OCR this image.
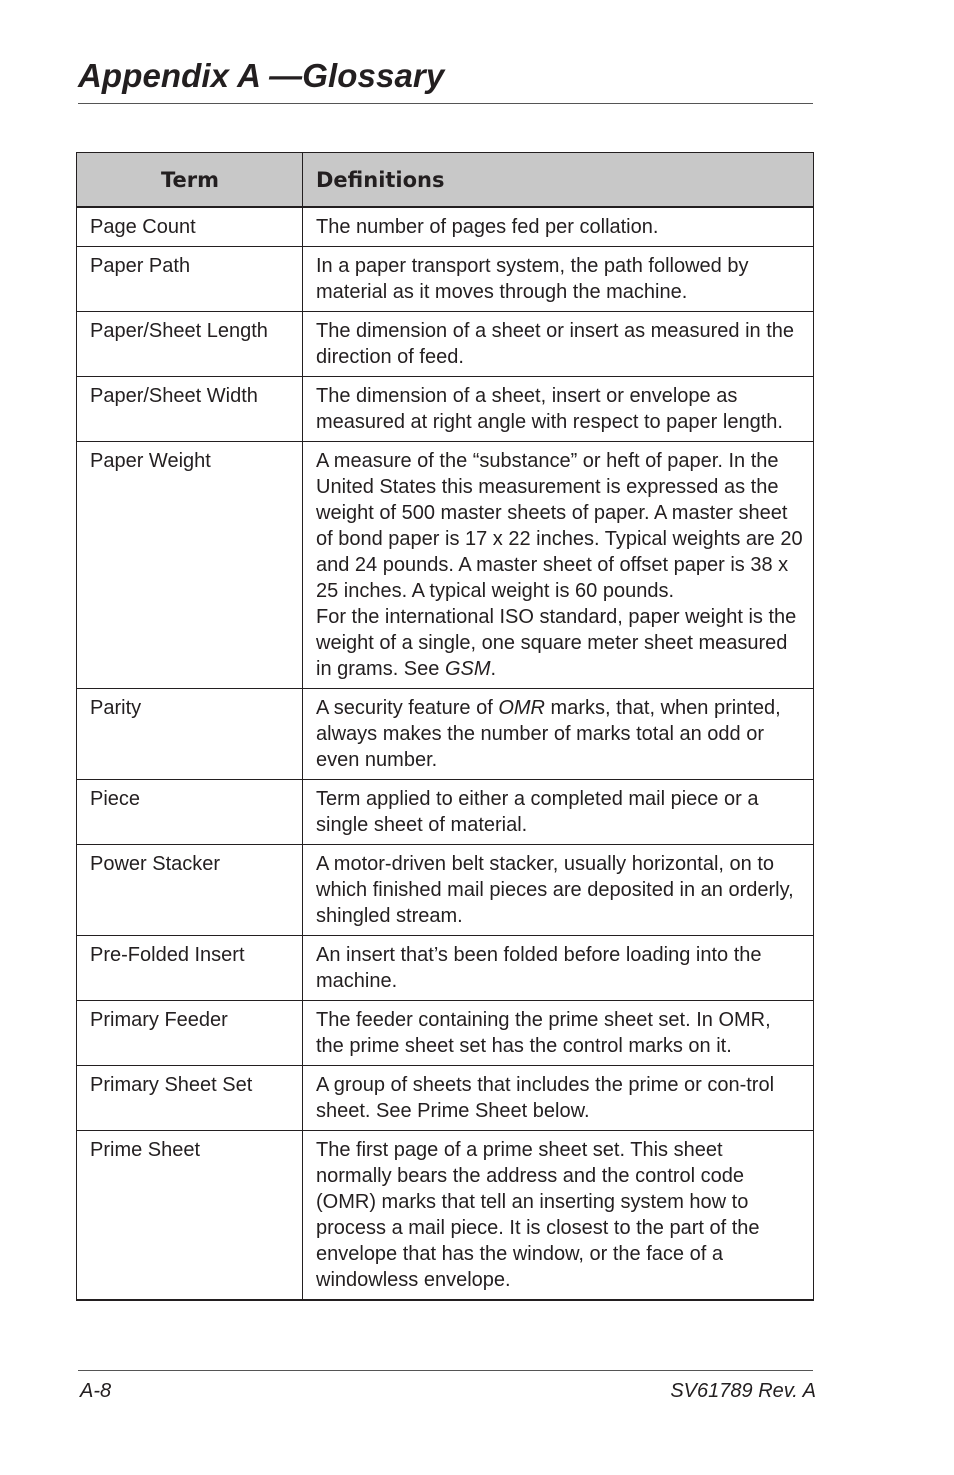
Appendix A —Glossary
Term	Definitions
Page Count	The number of pages fed per collation.
Paper Path	In a paper transport system, the path followed by material as it moves through the machine.
Paper/Sheet Length	The dimension of a sheet or insert as measured in the direction of feed.
Paper/Sheet Width	The dimension of a sheet, insert or envelope as measured at right angle with respect to paper length.
Paper Weight	A measure of the “substance” or heft of paper. In the United States this measurement is expressed as the weight of 500 master sheets of paper. A master sheet of bond paper is 17 x 22 inches. Typical weights are 20 and 24 pounds. A master sheet of offset paper is 38 x 25 inches. A typical weight is 60 pounds.
For the international ISO standard, paper weight is the weight of a single, one square meter sheet measured in grams. See GSM.
Parity	A security feature of OMR marks, that, when printed, always makes the number of marks total an odd or even number.
Piece	Term applied to either a completed mail piece or a single sheet of material.
Power Stacker	A motor-driven belt stacker, usually horizontal, on to which finished mail pieces are deposited in an orderly, shingled stream.
Pre-Folded Insert	An insert that’s been folded before loading into the machine.
Primary Feeder	The feeder containing the prime sheet set. In OMR, the prime sheet set has the control marks on it.
Primary Sheet Set	A group of sheets that includes the prime or con-trol sheet. See Prime Sheet below.
Prime Sheet	The first page of a prime sheet set. This sheet normally bears the address and the control code (OMR) marks that tell an inserting system how to process a mail piece. It is closest to the part of the envelope that has the window, or the face of a windowless envelope.
A-8	SV61789 Rev. A
